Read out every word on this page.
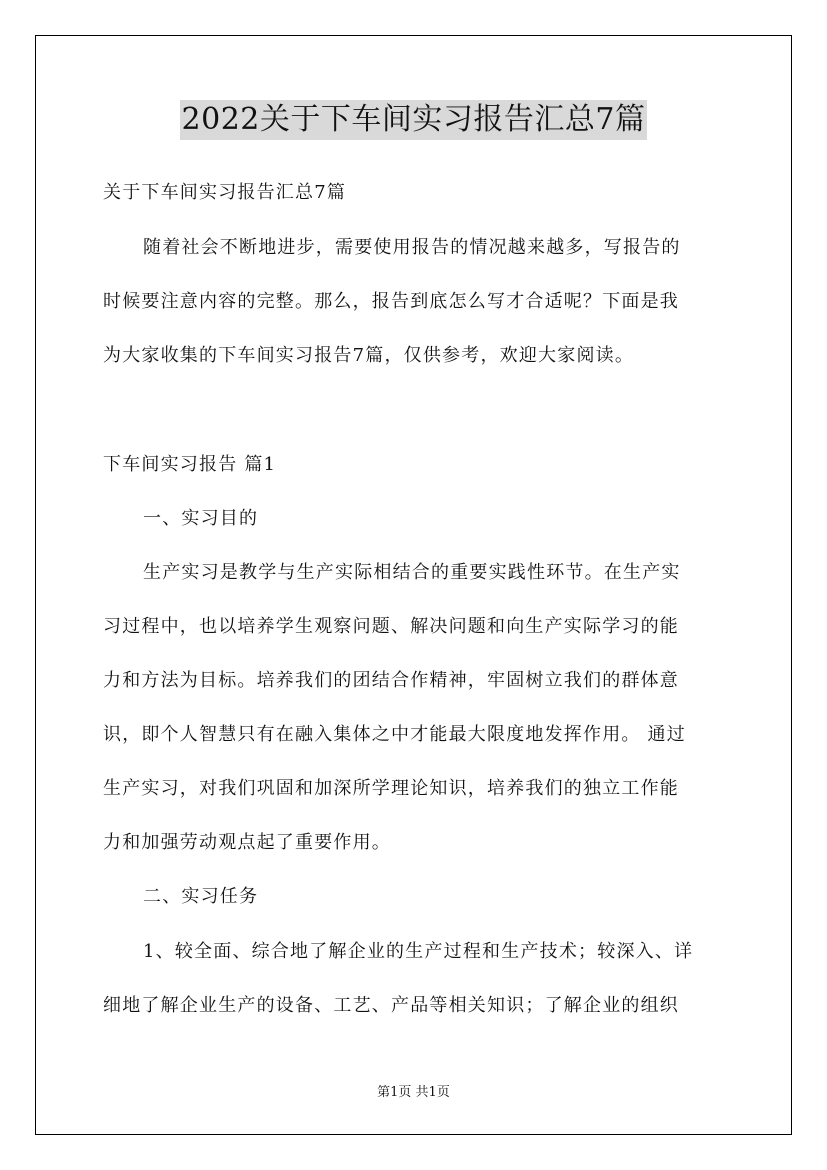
2022关于下车间实习报告汇总7篇
关于下车间实习报告汇总7篇
随着社会不断地进步，需要使用报告的情况越来越多，写报告的
时候要注意内容的完整。那么，报告到底怎么写才合适呢？下面是我
为大家收集的下车间实习报告7篇，仅供参考，欢迎大家阅读。
下车间实习报告 篇1
一、实习目的
生产实习是教学与生产实际相结合的重要实践性环节。在生产实
习过程中，也以培养学生观察问题、解决问题和向生产实际学习的能
力和方法为目标。培养我们的团结合作精神，牢固树立我们的群体意
识，即个人智慧只有在融入集体之中才能最大限度地发挥作用。 通过
生产实习，对我们巩固和加深所学理论知识，培养我们的独立工作能
力和加强劳动观点起了重要作用。
二、实习任务
1、较全面、综合地了解企业的生产过程和生产技术；较深入、详
细地了解企业生产的设备、工艺、产品等相关知识；了解企业的组织
第1页 共1页
